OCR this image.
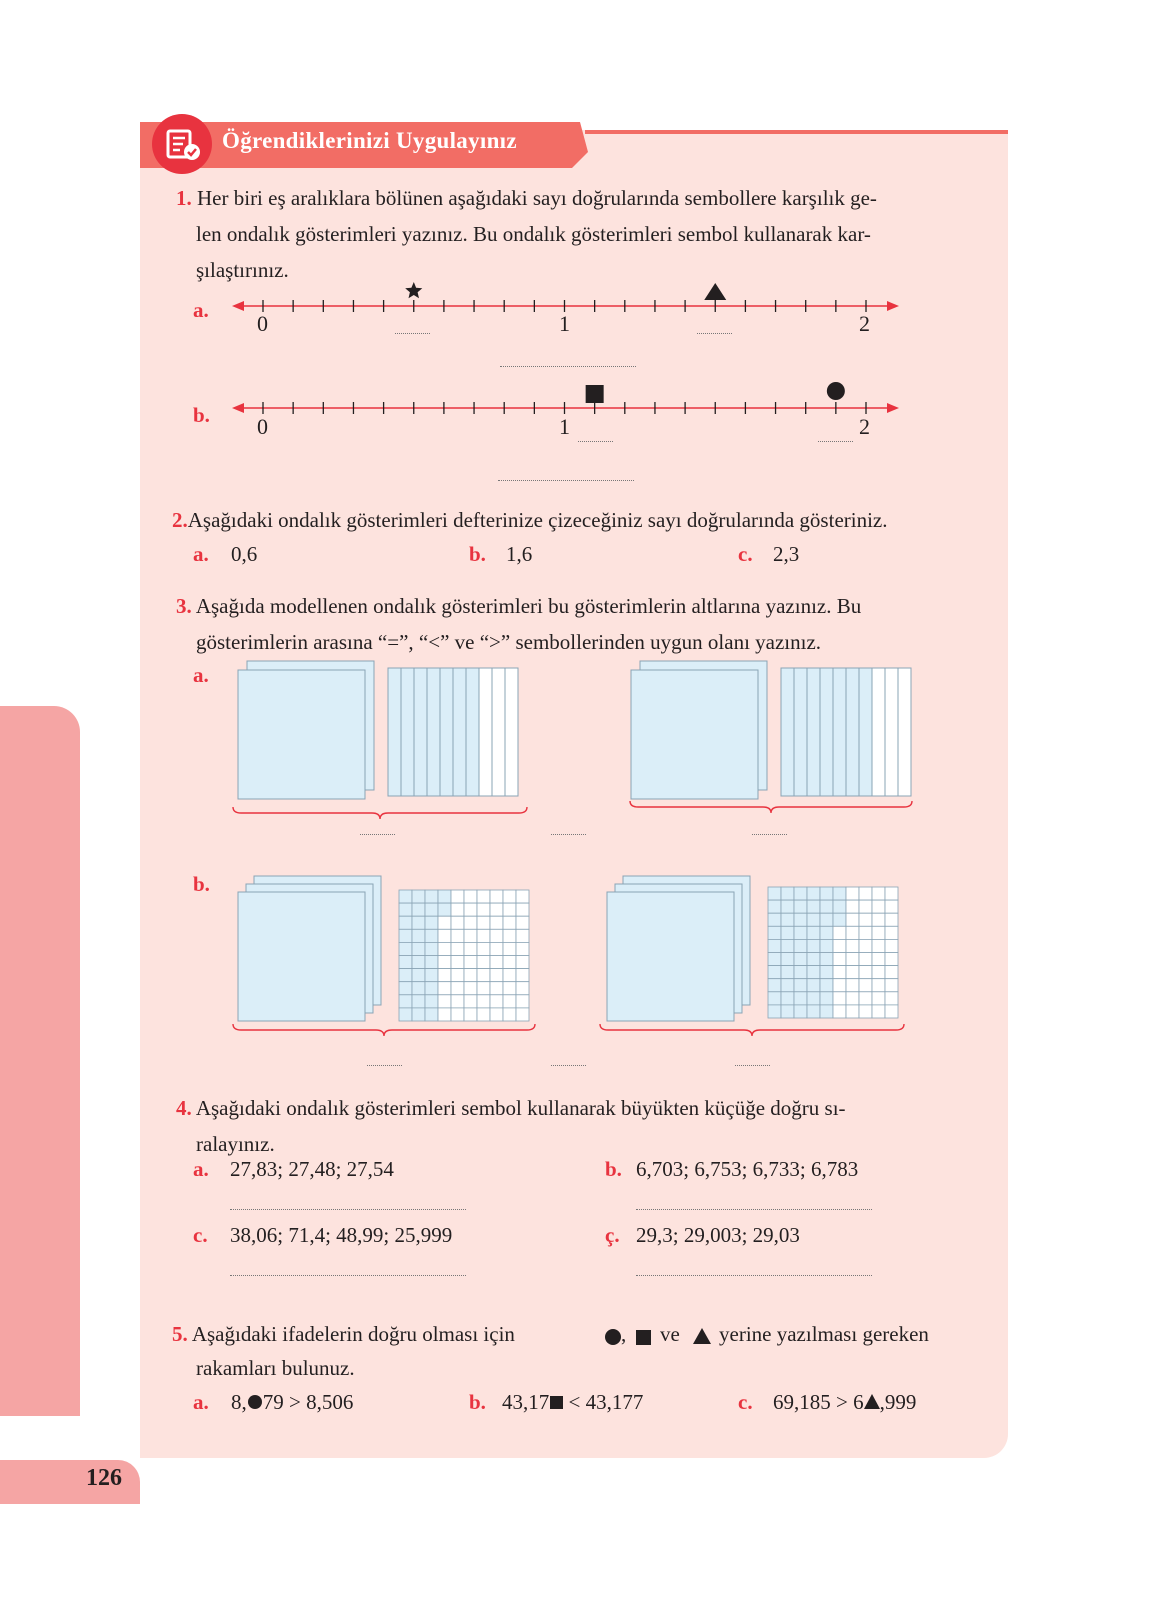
126
Öğrendiklerinizi Uygulayınız
1. Her biri eş aralıklara bölünen aşağıdaki sayı doğrularında sembollere karşılık ge-
len ondalık gösterimleri yazınız. Bu ondalık gösterimleri sembol kullanarak kar-
şılaştırınız.
a.
0	1	2
b. 0	1	2
2.Aşağıdaki ondalık gösterimleri defterinize çizeceğiniz sayı doğrularında gösteriniz.
a. 0,6	b. 1,6	c. 2,3
3. Aşağıda modellenen ondalık gösterimleri bu gösterimlerin altlarına yazınız. Bu
gösterimlerin arasına “=”, “<” ve “>” sembollerinden uygun olanı yazınız.
a.
b.
4. Aşağıdaki ondalık gösterimleri sembol kullanarak büyükten küçüğe doğru sı-
ralayınız.
a. 27,83; 27,48; 27,54	b. 6,703; 6,753; 6,733; 6,783
c. 38,06; 71,4; 48,99; 25,999	ç. 29,3; 29,003; 29,03
5. Aşağıdaki ifadelerin doğru olması için	, ve yerine yazılması gereken
rakamları bulunuz.
a. 8, 79 > 8,506	b. 43,17 < 43,177	c. 69,185 > 6 ,999
